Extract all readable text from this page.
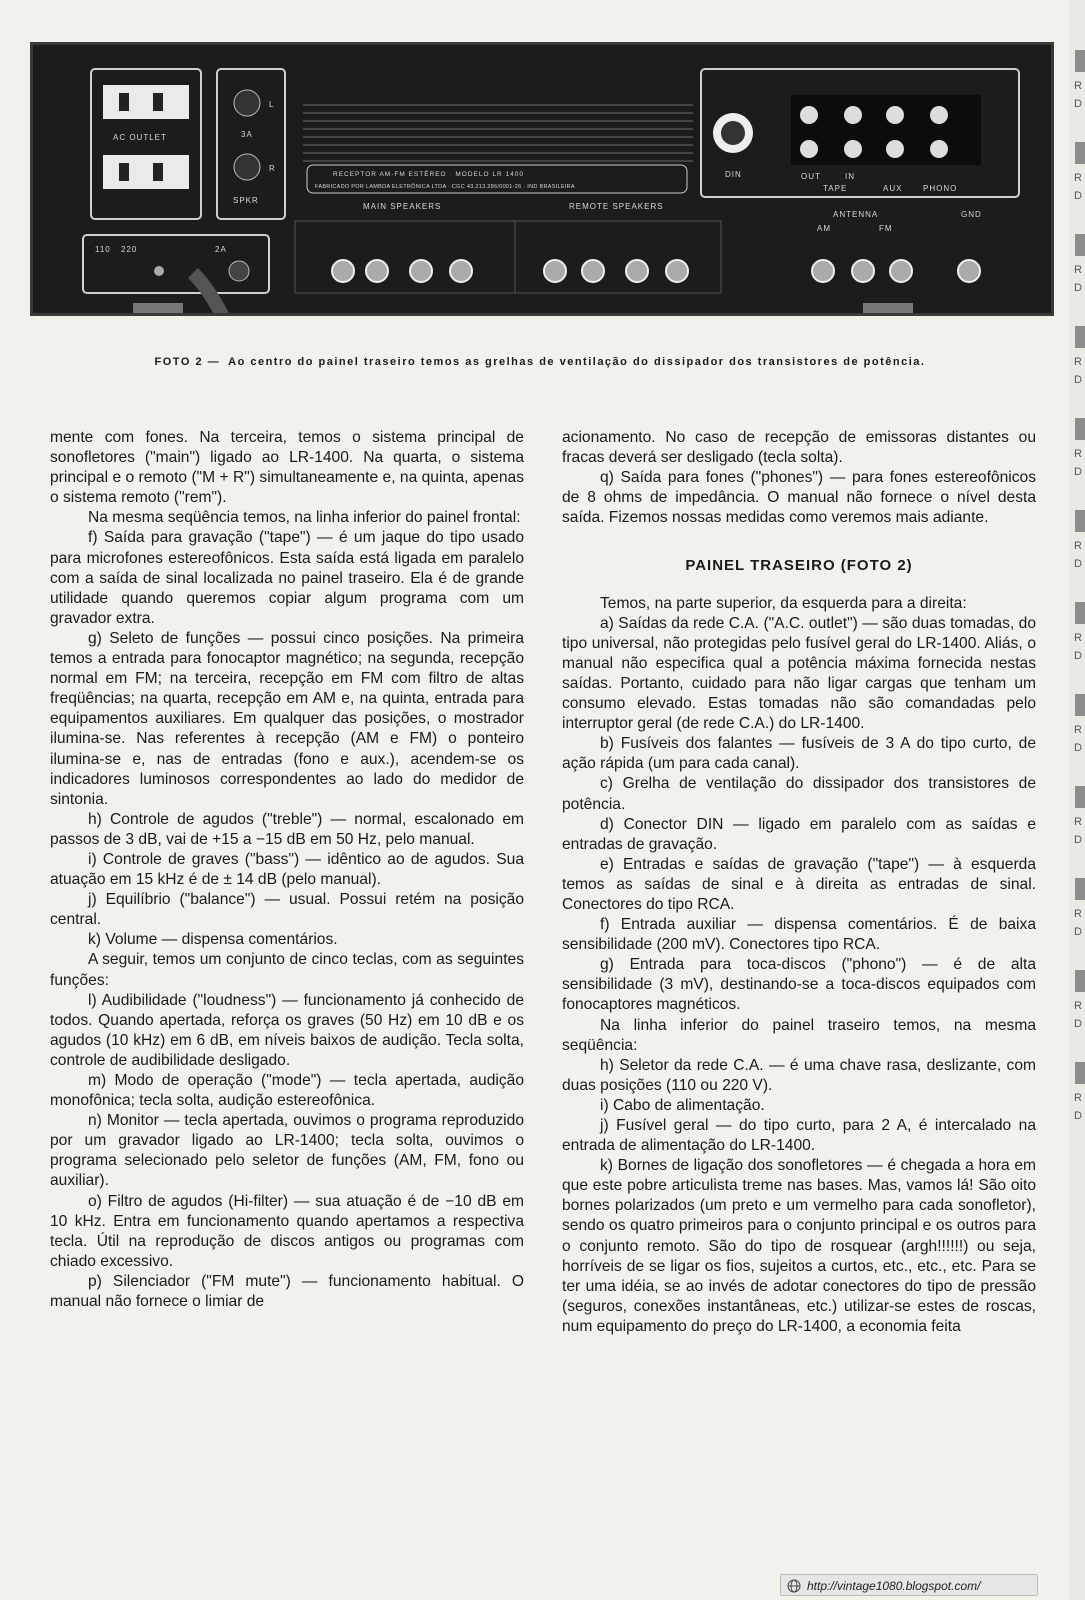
AC OUTLET
L
R
3A
SPKR
RECEPTOR AM-FM ESTÉREO · MODELO LR 1400
FABRICADO POR LAMBDA ELETRÔNICA LTDA · CGC 43.213.286/0001-26 · IND BRASILEIRA
MAIN SPEAKERS	REMOTE SPEAKERS
DIN	OUT	IN
TAPE	AUX	PHONO
110 220	2A
ANTENNA
AM	FM
GND
FOTO 2 — Ao centro do painel traseiro temos as grelhas de ventilação do dissipador dos transistores de potência.

mente com fones. Na terceira, temos o sistema principal de sonofletores ("main") ligado ao LR-1400. Na quarta, o sistema principal e o remoto ("M + R") simultaneamente e, na quinta, apenas o sistema remoto ("rem").

Na mesma seqüência temos, na linha inferior do painel frontal:

f) Saída para gravação ("tape") — é um jaque do tipo usado para microfones estereofônicos. Esta saída está ligada em paralelo com a saída de sinal localizada no painel traseiro. Ela é de grande utilidade quando queremos copiar algum programa com um gravador extra.

g) Seleto de funções — possui cinco posições. Na primeira temos a entrada para fonocaptor magnético; na segunda, recepção normal em FM; na terceira, recepção em FM com filtro de altas freqüências; na quarta, recepção em AM e, na quinta, entrada para equipamentos auxiliares. Em qualquer das posições, o mostrador ilumina-se. Nas referentes à recepção (AM e FM) o ponteiro ilumina-se e, nas de entradas (fono e aux.), acendem-se os indicadores luminosos correspondentes ao lado do medidor de sintonia.

h) Controle de agudos ("treble") — normal, escalonado em passos de 3 dB, vai de +15 a −15 dB em 50 Hz, pelo manual.

i) Controle de graves ("bass") — idêntico ao de agudos. Sua atuação em 15 kHz é de ± 14 dB (pelo manual).

j) Equilíbrio ("balance") — usual. Possui retém na posição central.

k) Volume — dispensa comentários.

A seguir, temos um conjunto de cinco teclas, com as seguintes funções:

l) Audibilidade ("loudness") — funcionamento já conhecido de todos. Quando apertada, reforça os graves (50 Hz) em 10 dB e os agudos (10 kHz) em 6 dB, em níveis baixos de audição. Tecla solta, controle de audibilidade desligado.

m) Modo de operação ("mode") — tecla apertada, audição monofônica; tecla solta, audição estereofônica.

n) Monitor — tecla apertada, ouvimos o programa reproduzido por um gravador ligado ao LR-1400; tecla solta, ouvimos o programa selecionado pelo seletor de funções (AM, FM, fono ou auxiliar).

o) Filtro de agudos (Hi-filter) — sua atuação é de −10 dB em 10 kHz. Entra em funcionamento quando apertamos a respectiva tecla. Útil na reprodução de discos antigos ou programas com chiado excessivo.

p) Silenciador ("FM mute") — funcionamento habitual. O manual não fornece o limiar de

acionamento. No caso de recepção de emissoras distantes ou fracas deverá ser desligado (tecla solta).

q) Saída para fones ("phones") — para fones estereofônicos de 8 ohms de impedância. O manual não fornece o nível desta saída. Fizemos nossas medidas como veremos mais adiante.

PAINEL TRASEIRO (FOTO 2)

Temos, na parte superior, da esquerda para a direita:

a) Saídas da rede C.A. ("A.C. outlet") — são duas tomadas, do tipo universal, não protegidas pelo fusível geral do LR-1400. Aliás, o manual não especifica qual a potência máxima fornecida nestas saídas. Portanto, cuidado para não ligar cargas que tenham um consumo elevado. Estas tomadas não são comandadas pelo interruptor geral (de rede C.A.) do LR-1400.

b) Fusíveis dos falantes — fusíveis de 3 A do tipo curto, de ação rápida (um para cada canal).

c) Grelha de ventilação do dissipador dos transistores de potência.

d) Conector DIN — ligado em paralelo com as saídas e entradas de gravação.

e) Entradas e saídas de gravação ("tape") — à esquerda temos as saídas de sinal e à direita as entradas de sinal. Conectores do tipo RCA.

f) Entrada auxiliar — dispensa comentários. É de baixa sensibilidade (200 mV). Conectores tipo RCA.

g) Entrada para toca-discos ("phono") — é de alta sensibilidade (3 mV), destinando-se a toca-discos equipados com fonocaptores magnéticos.

Na linha inferior do painel traseiro temos, na mesma seqüência:

h) Seletor da rede C.A. — é uma chave rasa, deslizante, com duas posições (110 ou 220 V).

i) Cabo de alimentação.

j) Fusível geral — do tipo curto, para 2 A, é intercalado na entrada de alimentação do LR-1400.

k) Bornes de ligação dos sonofletores — é chegada a hora em que este pobre articulista treme nas bases. Mas, vamos lá! São oito bornes polarizados (um preto e um vermelho para cada sonofletor), sendo os quatro primeiros para o conjunto principal e os outros para o conjunto remoto. São do tipo de rosquear (argh!!!!!!) ou seja, horríveis de se ligar os fios, sujeitos a curtos, etc., etc., etc. Para se ter uma idéia, se ao invés de adotar conectores do tipo de pressão (seguros, conexões instantâneas, etc.) utilizar-se estes de roscas, num equipamento do preço do LR-1400, a economia feita

R
D
R
D
R
D
R
D
R
D
R
D
R
D
R
D
R
D
R
D
R
D
R
D
http://vintage1080.blogspot.com/
